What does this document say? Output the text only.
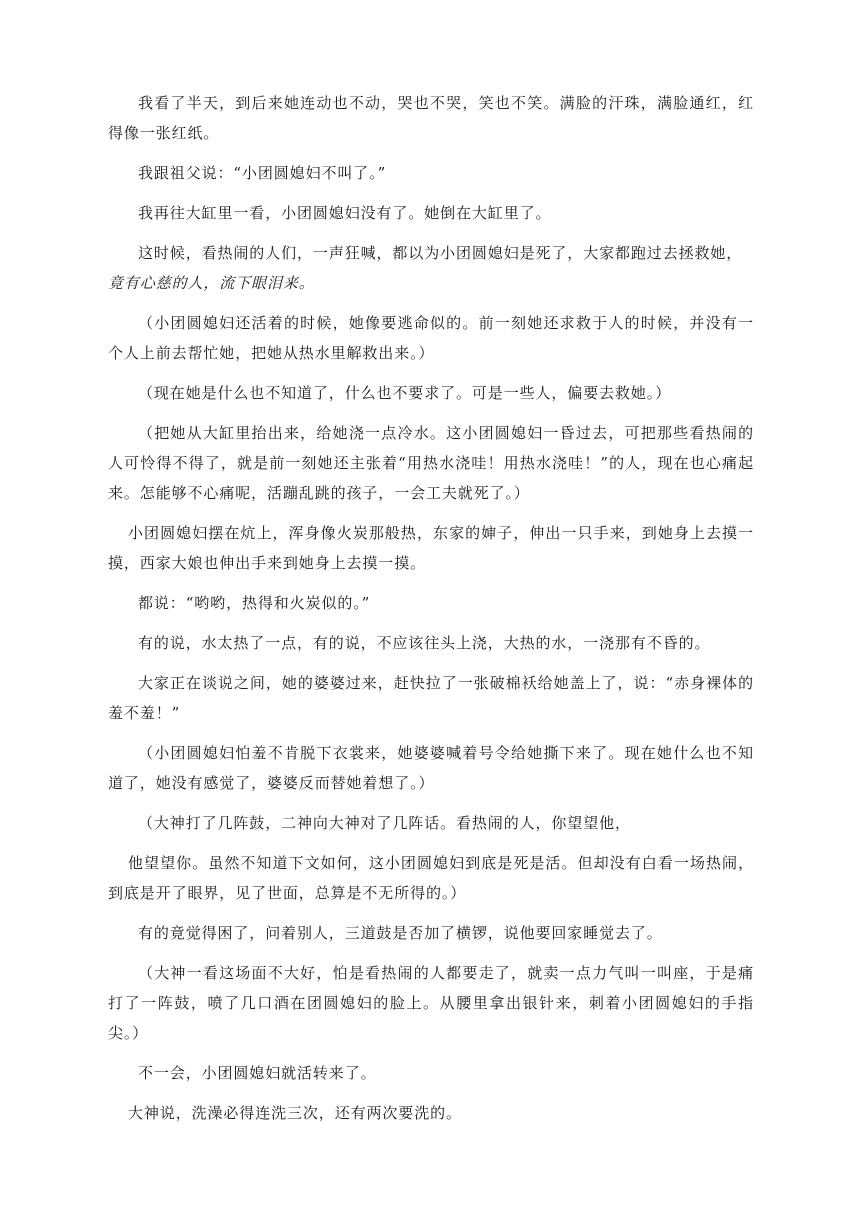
我看了半天，到后来她连动也不动，哭也不哭，笑也不笑。满脸的汗珠，满脸通红，红得像一张红纸。

我跟祖父说：“小团圆媳妇不叫了。”

我再往大缸里一看，小团圆媳妇没有了。她倒在大缸里了。

这时候，看热闹的人们，一声狂喊，都以为小团圆媳妇是死了，大家都跑过去拯救她，

竟有心慈的人，流下眼泪来。

（小团圆媳妇还活着的时候，她像要逃命似的。前一刻她还求救于人的时候，并没有一个人上前去帮忙她，把她从热水里解救出来。）

（现在她是什么也不知道了，什么也不要求了。可是一些人，偏要去救她。）

（把她从大缸里抬出来，给她浇一点冷水。这小团圆媳妇一昏过去，可把那些看热闹的人可怜得不得了，就是前一刻她还主张着“用热水浇哇！用热水浇哇！”的人，现在也心痛起来。怎能够不心痛呢，活蹦乱跳的孩子，一会工夫就死了。）

小团圆媳妇摆在炕上，浑身像火炭那般热，东家的婶子，伸出一只手来，到她身上去摸一摸，西家大娘也伸出手来到她身上去摸一摸。

都说：“哟哟，热得和火炭似的。”

有的说，水太热了一点，有的说，不应该往头上浇，大热的水，一浇那有不昏的。

大家正在谈说之间，她的婆婆过来，赶快拉了一张破棉袄给她盖上了，说：“赤身裸体的羞不羞！”

（小团圆媳妇怕羞不肯脱下衣裳来，她婆婆喊着号令给她撕下来了。现在她什么也不知道了，她没有感觉了，婆婆反而替她着想了。）

（大神打了几阵鼓，二神向大神对了几阵话。看热闹的人，你望望他，

他望望你。虽然不知道下文如何，这小团圆媳妇到底是死是活。但却没有白看一场热闹，到底是开了眼界，见了世面，总算是不无所得的。）

有的竟觉得困了，问着别人，三道鼓是否加了横锣，说他要回家睡觉去了。

（大神一看这场面不大好，怕是看热闹的人都要走了，就卖一点力气叫一叫座，于是痛打了一阵鼓，喷了几口酒在团圆媳妇的脸上。从腰里拿出银针来，刺着小团圆媳妇的手指尖。）

不一会，小团圆媳妇就活转来了。

大神说，洗澡必得连洗三次，还有两次要洗的。
